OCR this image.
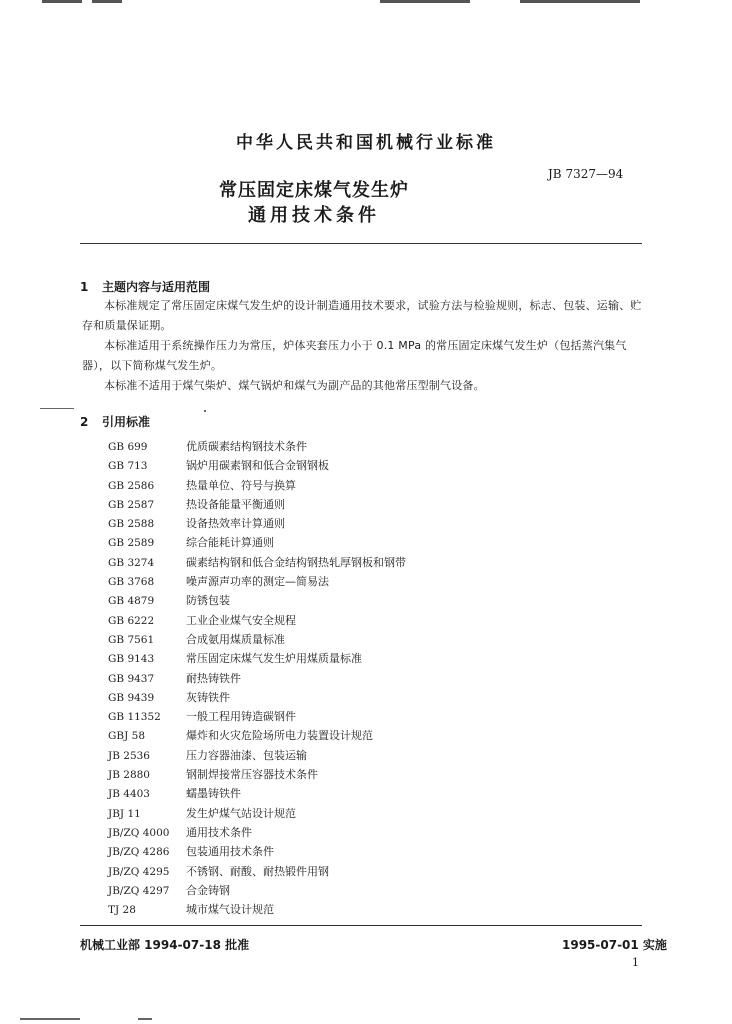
中华人民共和国机械行业标准
JB 7327—94
常压固定床煤气发生炉
通用技术条件
1 主题内容与适用范围
本标准规定了常压固定床煤气发生炉的设计制造通用技术要求，试验方法与检验规则，标志、包装、运输、贮存和质量保证期。
本标准适用于系统操作压力为常压，炉体夹套压力小于 0.1 MPa 的常压固定床煤气发生炉（包括蒸汽集气器），以下简称煤气发生炉。
本标准不适用于煤气柴炉、煤气锅炉和煤气为副产品的其他常压型制气设备。
2 引用标准
GB 699	优质碳素结构钢技术条件
GB 713	锅炉用碳素钢和低合金钢钢板
GB 2586	热量单位、符号与换算
GB 2587	热设备能量平衡通则
GB 2588	设备热效率计算通则
GB 2589	综合能耗计算通则
GB 3274	碳素结构钢和低合金结构钢热轧厚钢板和钢带
GB 3768	噪声源声功率的测定—简易法
GB 4879	防锈包装
GB 6222	工业企业煤气安全规程
GB 7561	合成氨用煤质量标准
GB 9143	常压固定床煤气发生炉用煤质量标准
GB 9437	耐热铸铁件
GB 9439	灰铸铁件
GB 11352 一般工程用铸造碳钢件
GBJ 58	爆炸和火灾危险场所电力装置设计规范
JB 2536	压力容器油漆、包装运输
JB 2880	钢制焊接常压容器技术条件
JB 4403	蠕墨铸铁件
JBJ 11	发生炉煤气站设计规范
JB/ZQ 4000 通用技术条件
JB/ZQ 4286 包装通用技术条件
JB/ZQ 4295 不锈钢、耐酸、耐热锻件用钢
JB/ZQ 4297 合金铸钢
TJ 28	城市煤气设计规范
机械工业部 1994-07-18 批准	1995-07-01 实施
1
